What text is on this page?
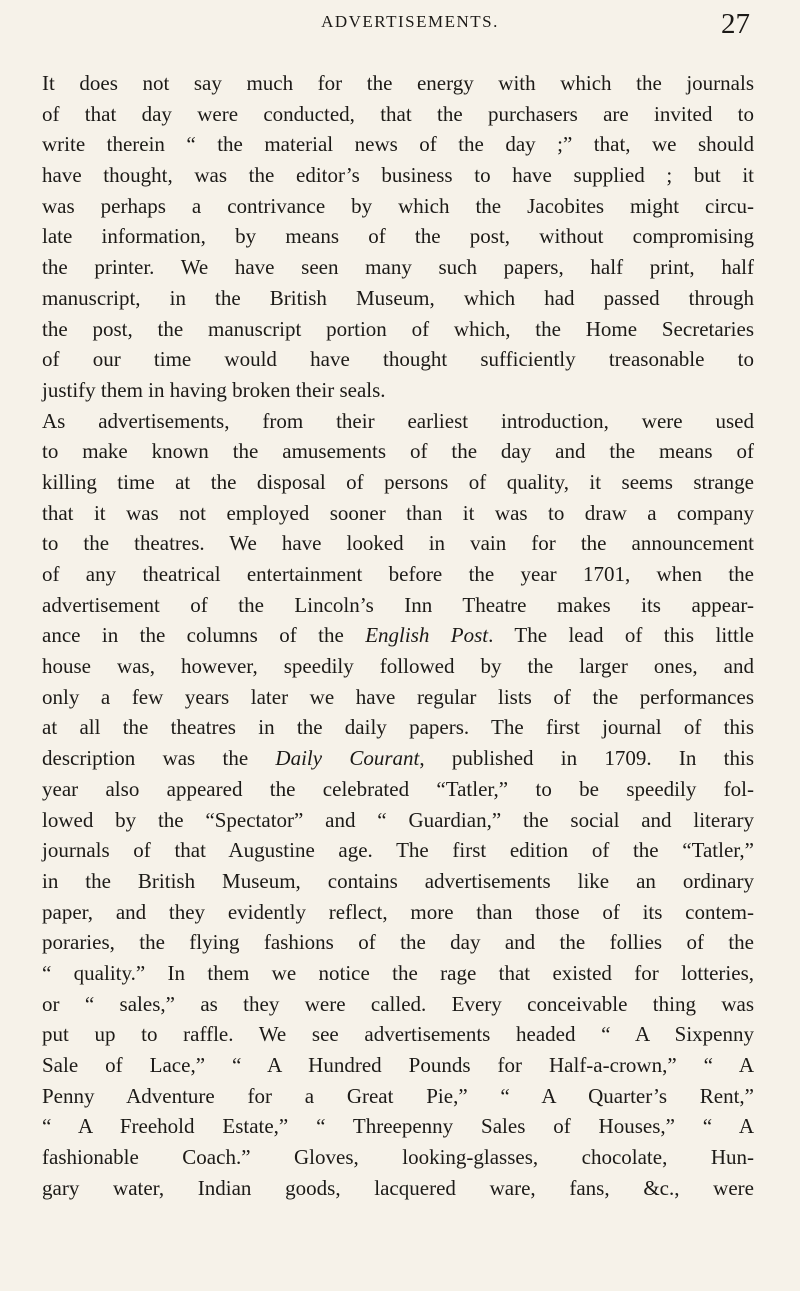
ADVERTISEMENTS.	27
It does not say much for the energy with which the journals
of that day were conducted, that the purchasers are invited to
write therein “ the material news of the day ;” that, we should
have thought, was the editor’s business to have supplied ; but it
was perhaps a contrivance by which the Jacobites might circu-
late information, by means of the post, without compromising
the printer. We have seen many such papers, half print, half
manuscript, in the British Museum, which had passed through
the post, the manuscript portion of which, the Home Secretaries
of our time would have thought sufficiently treasonable to
justify them in having broken their seals.
As advertisements, from their earliest introduction, were used
to make known the amusements of the day and the means of
killing time at the disposal of persons of quality, it seems strange
that it was not employed sooner than it was to draw a company
to the theatres. We have looked in vain for the announcement
of any theatrical entertainment before the year 1701, when the
advertisement of the Lincoln’s Inn Theatre makes its appear-
ance in the columns of the English Post. The lead of this little
house was, however, speedily followed by the larger ones, and
only a few years later we have regular lists of the performances
at all the theatres in the daily papers. The first journal of this
description was the Daily Courant, published in 1709. In this
year also appeared the celebrated “Tatler,” to be speedily fol-
lowed by the “Spectator” and “ Guardian,” the social and literary
journals of that Augustine age. The first edition of the “Tatler,”
in the British Museum, contains advertisements like an ordinary
paper, and they evidently reflect, more than those of its contem-
poraries, the flying fashions of the day and the follies of the
“ quality.” In them we notice the rage that existed for lotteries,
or “ sales,” as they were called. Every conceivable thing was
put up to raffle. We see advertisements headed “ A Sixpenny
Sale of Lace,” “ A Hundred Pounds for Half-a-crown,” “ A
Penny Adventure for a Great Pie,” “ A Quarter’s Rent,”
“ A Freehold Estate,” “ Threepenny Sales of Houses,” “ A
fashionable Coach.” Gloves, looking-glasses, chocolate, Hun-
gary water, Indian goods, lacquered ware, fans, &c., were
